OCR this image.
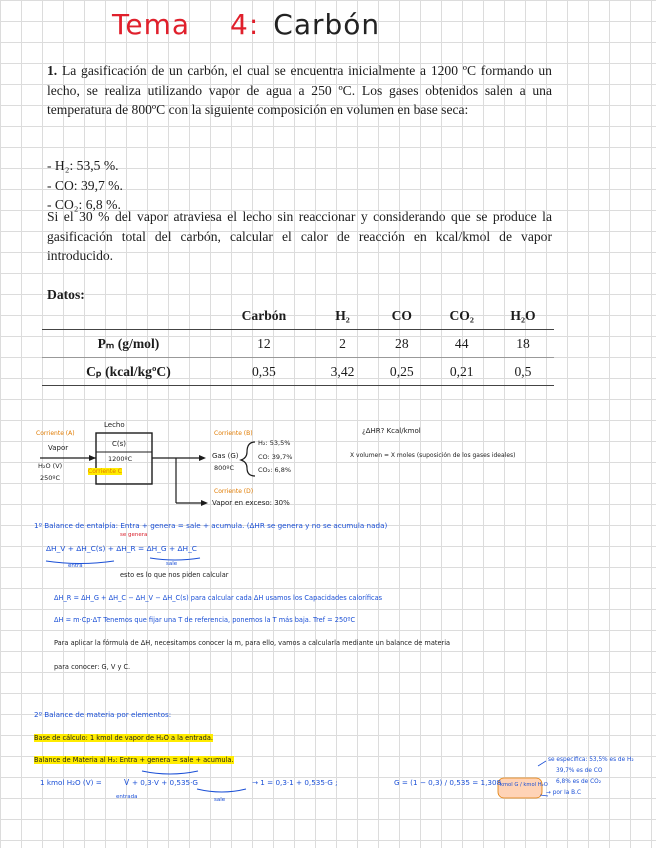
Tema 4: Carbón
1. La gasificación de un carbón, el cual se encuentra inicialmente a 1200 ºC formando un lecho, se realiza utilizando vapor de agua a 250 ºC. Los gases obtenidos salen a una temperatura de 800ºC con la siguiente composición en volumen en base seca:
- H₂: 53,5 %.
- CO: 39,7 %.
- CO₂: 6,8 %.
Si el 30 % del vapor atraviesa el lecho sin reaccionar y considerando que se produce la gasificación total del carbón, calcular el calor de reacción en kcal/kmol de vapor introducido.
Datos:
	Carbón	H₂	CO	CO₂	H₂O
Pₘ (g/mol)	12	2	28	44	18
Cₚ (kcal/kgºC)	0,35	3,42	0,25	0,21	0,5
Lecho
Corriente (A)
Vapor
H₂O (V)
250ºC
C(s)
1200ºC
Corriente C
Corriente (B)
Gas (G)
800ºC
H₂: 53,5%
CO: 39,7%
CO₂: 6,8%
Corriente (D)
Vapor en exceso: 30%
¿ΔHR? Kcal/kmol
X volumen = X moles (suposición de los gases ideales)
1º Balance de entalpía: Entra + genera = sale + acumula. (ΔHR se genera y no se acumula nada)
se genera
ΔH_V + ΔH_C(s) + ΔH_R = ΔH_G + ΔH_C
entra	sale
esto es lo que nos piden calcular
ΔH_R = ΔH_G + ΔH_C − ΔH_V − ΔH_C(s) para calcular cada ΔH usamos los Capacidades caloríficas
ΔH = m·Cp·ΔT Tenemos que fijar una T de referencia, ponemos la T más baja. Tref = 250ºC
Para aplicar la fórmula de ΔH, necesitamos conocer la m, para ello, vamos a calcularla mediante un balance de materia
para conocer: G, V y C.
2º Balance de materia por elementos:
Base de cálculo: 1 kmol de vapor de H₂O a la entrada.
Balance de Materia al H₂: Entra + genera = sale + acumula.
1 kmol H₂O (V) =	V + 0,3·V + 0,535·G	→ 1 = 0,3·1 + 0,535·G ;	G = (1 − 0,3) / 0,535 = 1,308
kmol G / kmol H₂O
→ por la B.C
entrada	sale
se especifica: 53,5% es de H₂
39,7% es de CO
6,8% es de CO₂
